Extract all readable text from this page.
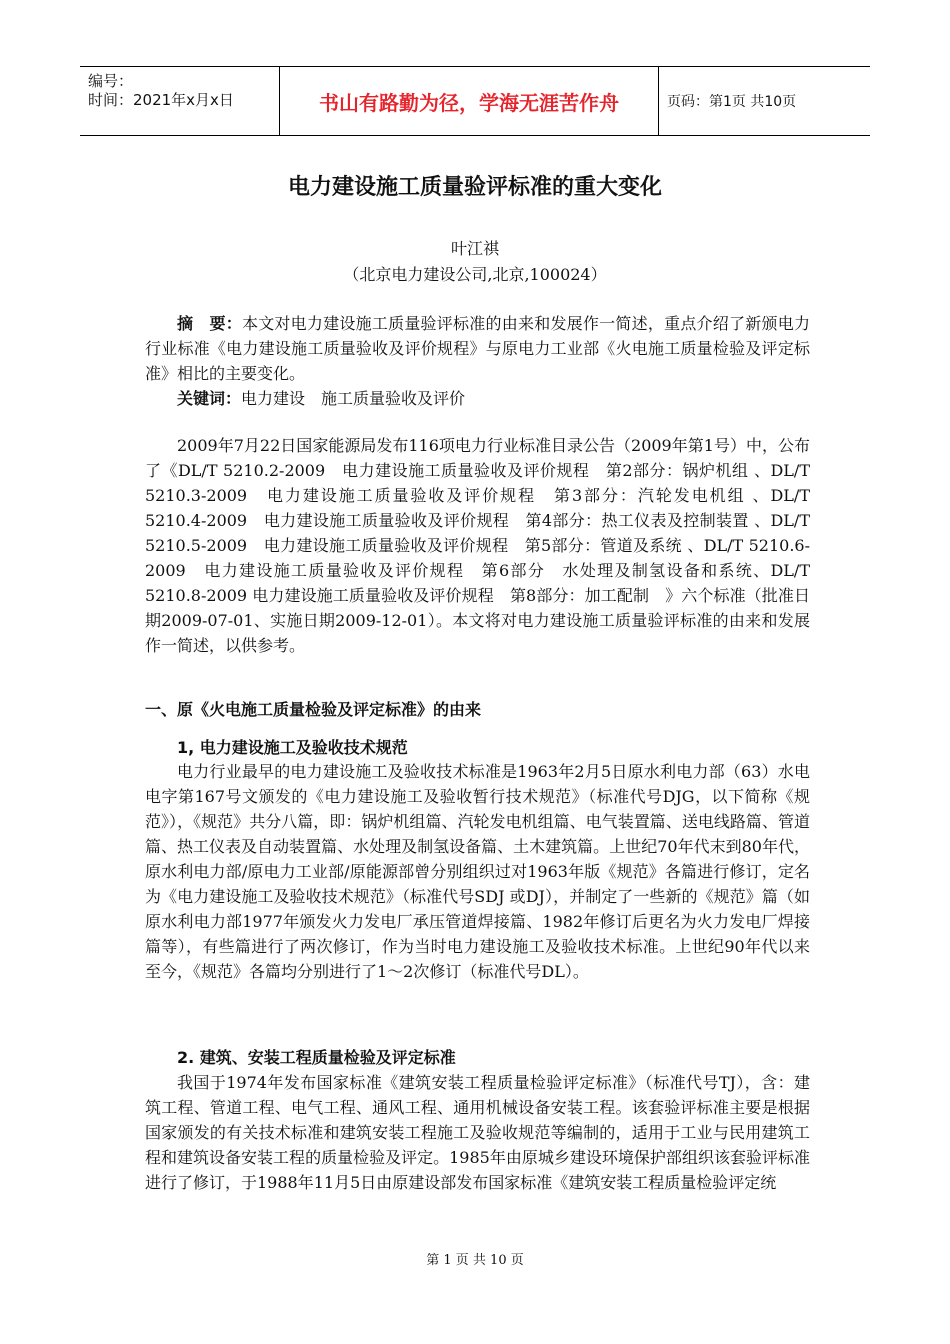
编号：
时间：2021年x月x日	书山有路勤为径，学海无涯苦作舟	页码：第1页 共10页
电力建设施工质量验评标准的重大变化
叶江祺
（北京电力建设公司,北京,100024）

摘　要：本文对电力建设施工质量验评标准的由来和发展作一简述，重点介绍了新颁电力行业标准《电力建设施工质量验收及评价规程》与原电力工业部《火电施工质量检验及评定标准》相比的主要变化。

关键词：电力建设　施工质量验收及评价

2009年7月22日国家能源局发布116项电力行业标准目录公告（2009年第1号）中，公布了《DL/T 5210.2-2009　电力建设施工质量验收及评价规程　第2部分：锅炉机组 、DL/T 5210.3-2009　电力建设施工质量验收及评价规程　第3部分：汽轮发电机组 、DL/T 5210.4-2009　电力建设施工质量验收及评价规程　第4部分：热工仪表及控制装置 、DL/T 5210.5-2009　电力建设施工质量验收及评价规程　第5部分：管道及系统 、DL/T 5210.6-2009　电力建设施工质量验收及评价规程　第6部分　水处理及制氢设备和系统、DL/T 5210.8-2009 电力建设施工质量验收及评价规程　第8部分：加工配制　》六个标准（批准日期2009-07-01、实施日期2009-12-01）。本文将对电力建设施工质量验评标准的由来和发展作一简述，以供参考。

一、原《火电施工质量检验及评定标准》的由来
1, 电力建设施工及验收技术规范

电力行业最早的电力建设施工及验收技术标准是1963年2月5日原水利电力部（63）水电电字第167号文颁发的《电力建设施工及验收暂行技术规范》（标准代号DJG，以下简称《规范》），《规范》共分八篇，即：锅炉机组篇、汽轮发电机组篇、电气装置篇、送电线路篇、管道篇、热工仪表及自动装置篇、水处理及制氢设备篇、土木建筑篇。上世纪70年代末到80年代，原水利电力部/原电力工业部/原能源部曾分别组织过对1963年版《规范》各篇进行修订，定名为《电力建设施工及验收技术规范》（标准代号SDJ 或DJ），并制定了一些新的《规范》篇（如原水利电力部1977年颁发火力发电厂承压管道焊接篇、1982年修订后更名为火力发电厂焊接篇等），有些篇进行了两次修订，作为当时电力建设施工及验收技术标准。上世纪90年代以来至今，《规范》各篇均分别进行了1～2次修订（标准代号DL）。

2. 建筑、安装工程质量检验及评定标准

我国于1974年发布国家标准《建筑安装工程质量检验评定标准》（标准代号TJ），含：建筑工程、管道工程、电气工程、通风工程、通用机械设备安装工程。该套验评标准主要是根据国家颁发的有关技术标准和建筑安装工程施工及验收规范等编制的，适用于工业与民用建筑工程和建筑设备安装工程的质量检验及评定。1985年由原城乡建设环境保护部组织该套验评标准进行了修订，于1988年11月5日由原建设部发布国家标准《建筑安装工程质量检验评定统

第 1 页 共 10 页
